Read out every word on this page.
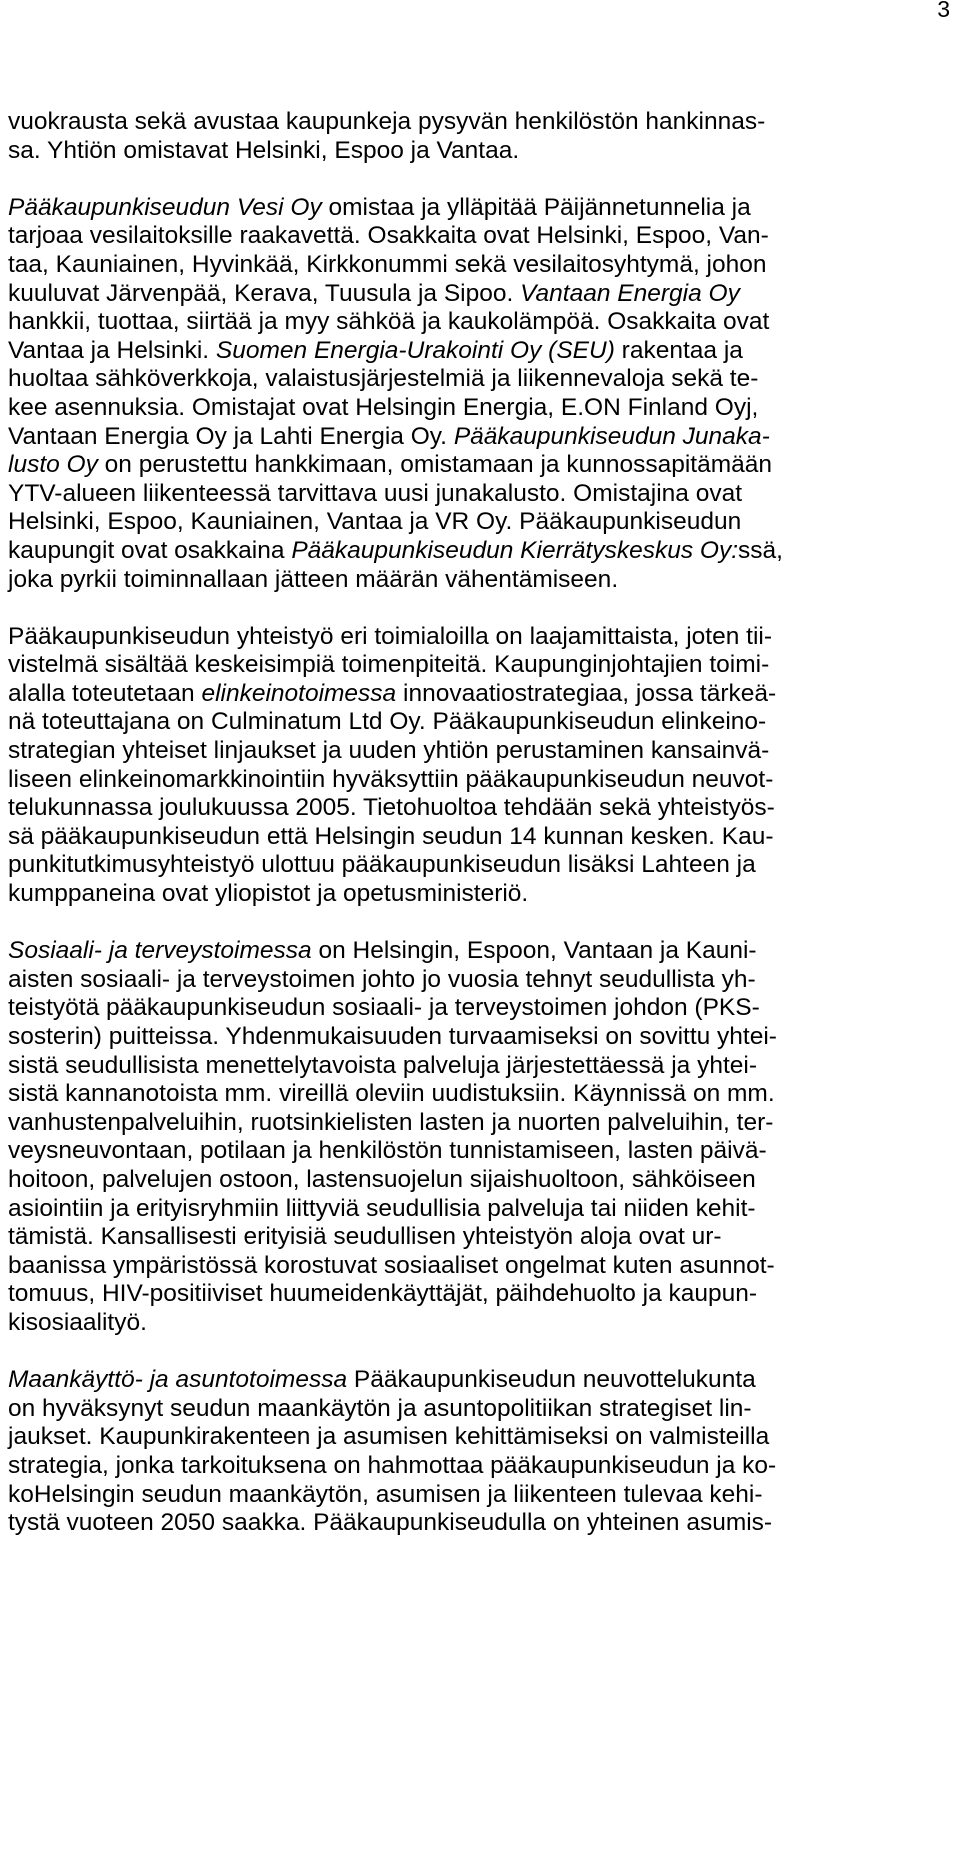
3
vuokrausta sekä avustaa kaupunkeja pysyvän henkilöstön hankinnas-
sa. Yhtiön omistavat Helsinki, Espoo ja Vantaa.
Pääkaupunkiseudun Vesi Oy omistaa ja ylläpitää Päijännetunnelia ja
tarjoaa vesilaitoksille raakavettä. Osakkaita ovat Helsinki, Espoo, Van-
taa, Kauniainen, Hyvinkää, Kirkkonummi sekä vesilaitosyhtymä, johon
kuuluvat Järvenpää, Kerava, Tuusula ja Sipoo. Vantaan Energia Oy
hankkii, tuottaa, siirtää ja myy sähköä ja kaukolämpöä. Osakkaita ovat
Vantaa ja Helsinki. Suomen Energia-Urakointi Oy (SEU) rakentaa ja
huoltaa sähköverkkoja, valaistusjärjestelmiä ja liikennevaloja sekä te-
kee asennuksia. Omistajat ovat Helsingin Energia, E.ON Finland Oyj,
Vantaan Energia Oy ja Lahti Energia Oy. Pääkaupunkiseudun Junaka-
lusto Oy on perustettu hankkimaan, omistamaan ja kunnossapitämään
YTV-alueen liikenteessä tarvittava uusi junakalusto. Omistajina ovat
Helsinki, Espoo, Kauniainen, Vantaa ja VR Oy. Pääkaupunkiseudun
kaupungit ovat osakkaina Pääkaupunkiseudun Kierrätyskeskus Oy:ssä,
joka pyrkii toiminnallaan jätteen määrän vähentämiseen.
Pääkaupunkiseudun yhteistyö eri toimialoilla on laajamittaista, joten tii-
vistelmä sisältää keskeisimpiä toimenpiteitä. Kaupunginjohtajien toimi-
alalla toteutetaan elinkeinotoimessa innovaatiostrategiaa, jossa tärkeä-
nä toteuttajana on Culminatum Ltd Oy. Pääkaupunkiseudun elinkeino-
strategian yhteiset linjaukset ja uuden yhtiön perustaminen kansainvä-
liseen elinkeinomarkkinointiin hyväksyttiin pääkaupunkiseudun neuvot-
telukunnassa joulukuussa 2005. Tietohuoltoa tehdään sekä yhteistyös-
sä pääkaupunkiseudun että Helsingin seudun 14 kunnan kesken. Kau-
punkitutkimusyhteistyö ulottuu pääkaupunkiseudun lisäksi Lahteen ja
kumppaneina ovat yliopistot ja opetusministeriö.
Sosiaali- ja terveystoimessa on Helsingin, Espoon, Vantaan ja Kauni-
aisten sosiaali- ja terveystoimen johto jo vuosia tehnyt seudullista yh-
teistyötä pääkaupunkiseudun sosiaali- ja terveystoimen johdon (PKS-
sosterin) puitteissa. Yhdenmukaisuuden turvaamiseksi on sovittu yhtei-
sistä seudullisista menettelytavoista palveluja järjestettäessä ja yhtei-
sistä kannanotoista mm. vireillä oleviin uudistuksiin. Käynnissä on mm.
vanhustenpalveluihin, ruotsinkielisten lasten ja nuorten palveluihin, ter-
veysneuvontaan, potilaan ja henkilöstön tunnistamiseen, lasten päivä-
hoitoon, palvelujen ostoon, lastensuojelun sijaishuoltoon, sähköiseen
asiointiin ja erityisryhmiin liittyviä seudullisia palveluja tai niiden kehit-
tämistä. Kansallisesti erityisiä seudullisen yhteistyön aloja ovat ur-
baanissa ympäristössä korostuvat sosiaaliset ongelmat kuten asunnot-
tomuus, HIV-positiiviset huumeidenkäyttäjät, päihdehuolto ja kaupun-
kisosiaalityö.
Maankäyttö- ja asuntotoimessa Pääkaupunkiseudun neuvottelukunta
on hyväksynyt seudun maankäytön ja asuntopolitiikan strategiset lin-
jaukset. Kaupunkirakenteen ja asumisen kehittämiseksi on valmisteilla
strategia, jonka tarkoituksena on hahmottaa pääkaupunkiseudun ja ko-
koHelsingin seudun maankäytön, asumisen ja liikenteen tulevaa kehi-
tystä vuoteen 2050 saakka. Pääkaupunkiseudulla on yhteinen asumis-
